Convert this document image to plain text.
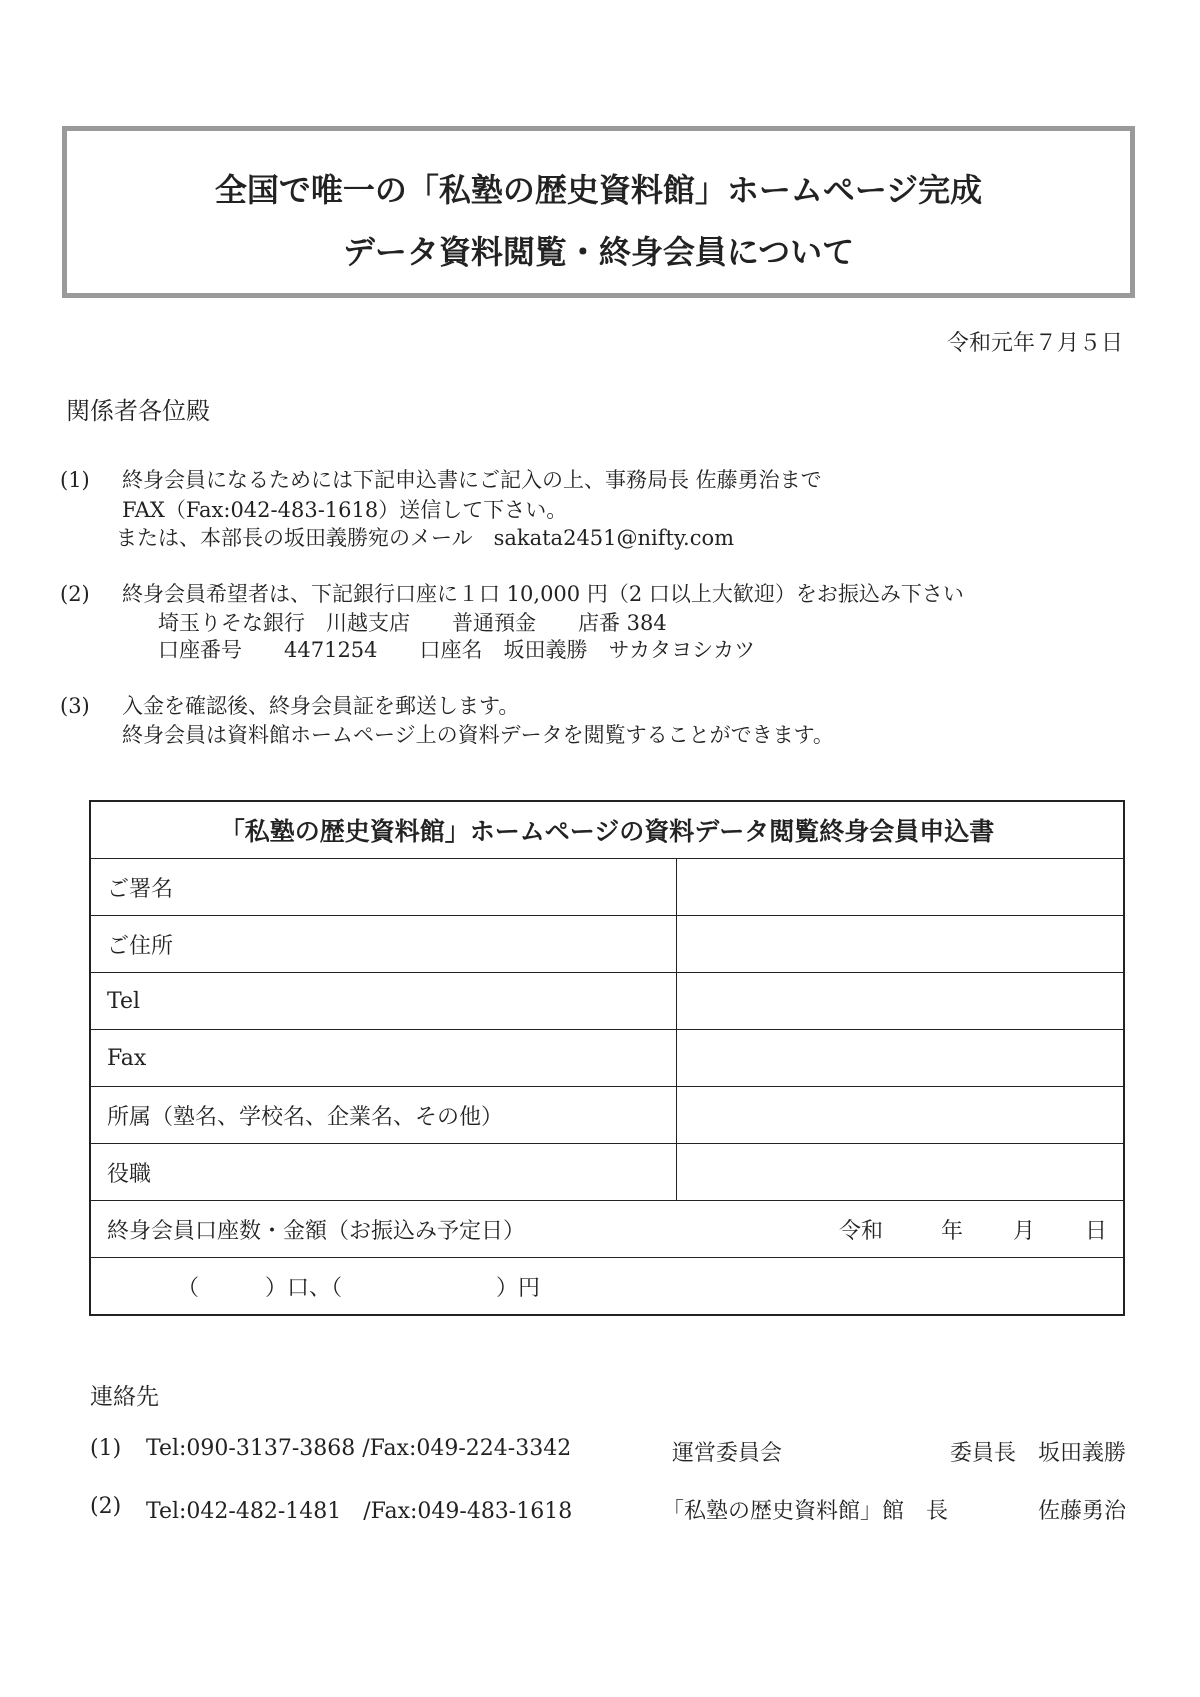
全国で唯一の「私塾の歴史資料館」ホームページ完成
データ資料閲覧・終身会員について
令和元年７月５日
関係者各位殿
(1) 終身会員になるためには下記申込書にご記入の上、事務局長 佐藤勇治まで
FAX（Fax:042-483-1618）送信して下さい。
または、本部長の坂田義勝宛のメール　sakata2451@nifty.com
(2) 終身会員希望者は、下記銀行口座に１口 10,000 円（2 口以上大歓迎）をお振込み下さい
埼玉りそな銀行　川越支店　　普通預金　　店番 384
口座番号　　4471254　　口座名　坂田義勝　サカタヨシカツ
(3) 入金を確認後、終身会員証を郵送します。
終身会員は資料館ホームページ上の資料データを閲覧することができます。
「私塾の歴史資料館」ホームページの資料データ閲覧終身会員申込書	
ご署名	
ご住所	
Tel	
Fax	
所属（塾名、学校名、企業名、その他）	
役職	

終身会員口座数・金額（お振込み予定日） 令和 年 月 日	

（　　　）口、（　　　　　　　）円	
連絡先
(1) Tel:090-3137-3868 /Fax:049-224-3342	運営委員会	委員長　坂田義勝
(2) Tel:042-482-1481　/Fax:049-483-1618	「私塾の歴史資料館」館　長	佐藤勇治
